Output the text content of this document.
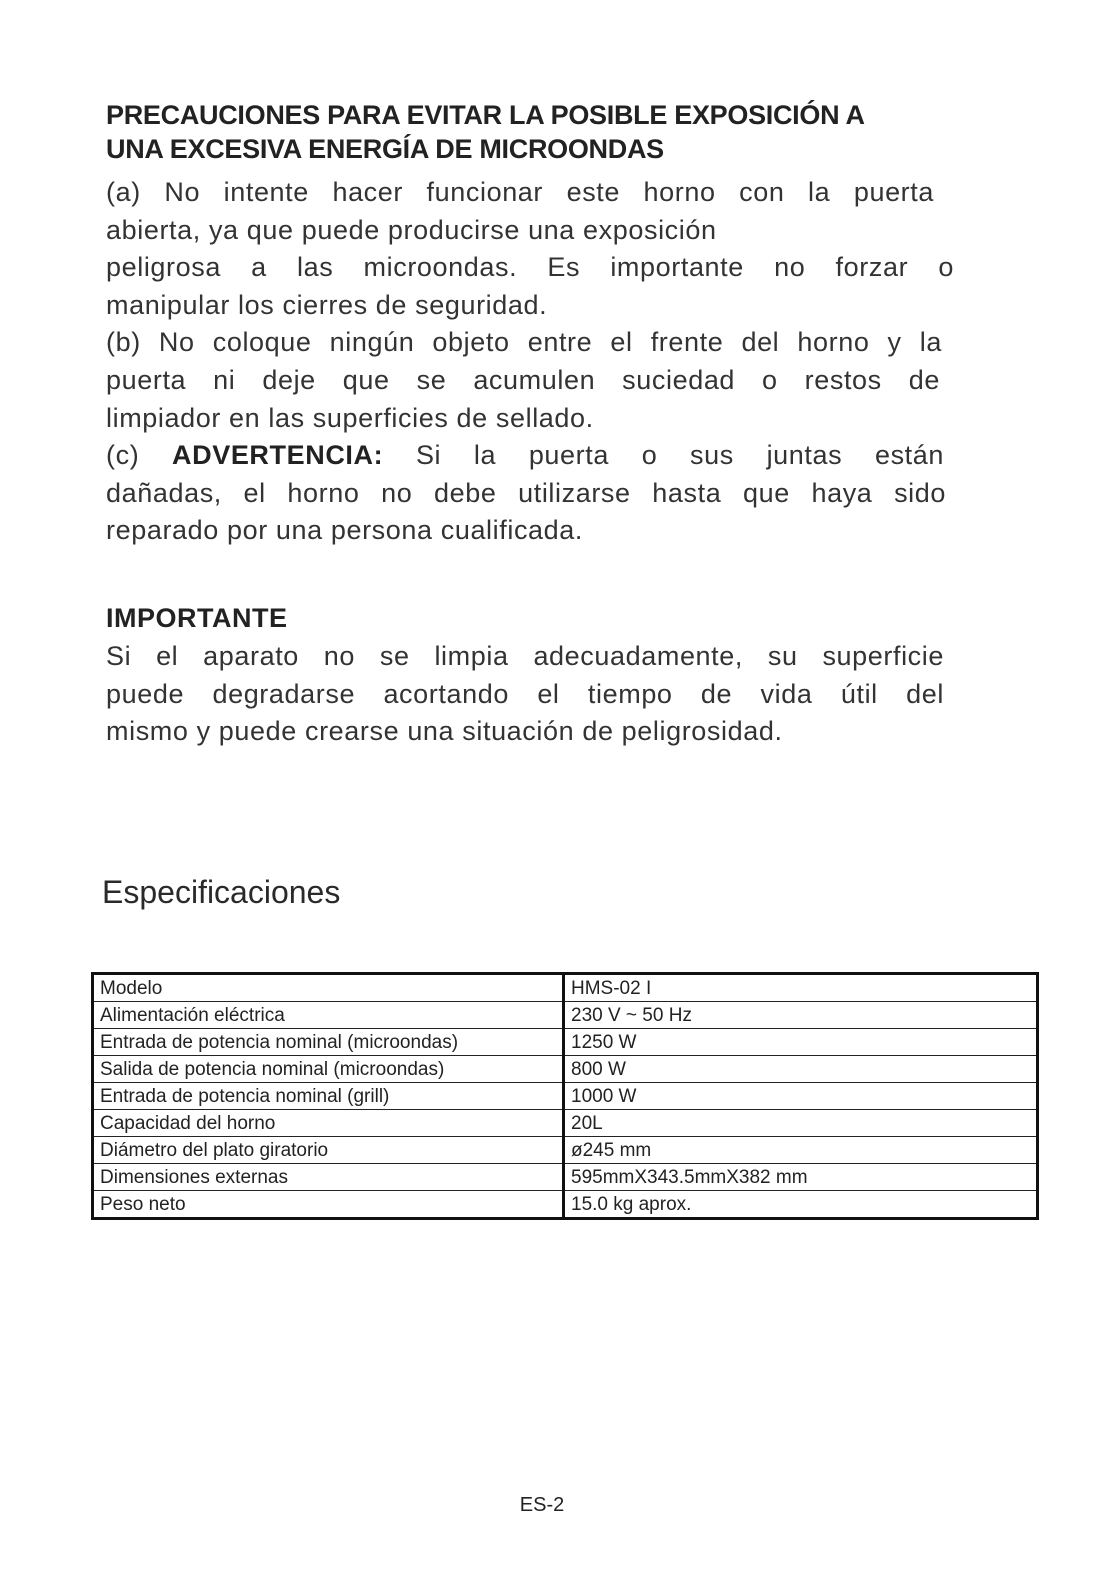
PRECAUCIONES PARA EVITAR LA POSIBLE EXPOSICIÓN A
UNA EXCESIVA ENERGÍA DE MICROONDAS

(a) No intente hacer funcionar este horno con la puerta
abierta, ya que puede producirse una exposición
peligrosa a las microondas. Es importante no forzar o
manipular los cierres de seguridad.

(b) No coloque ningún objeto entre el frente del horno y la
puerta ni deje que se acumulen suciedad o restos de
limpiador en las superficies de sellado.

(c) ADVERTENCIA: Si la puerta o sus juntas están
dañadas, el horno no debe utilizarse hasta que haya sido
reparado por una persona cualificada.

IMPORTANTE

Si el aparato no se limpia adecuadamente, su superficie
puede degradarse acortando el tiempo de vida útil del
mismo y puede crearse una situación de peligrosidad.

Especificaciones
Modelo	HMS-02 I
Alimentación eléctrica	230 V ~ 50 Hz
Entrada de potencia nominal (microondas)	1250 W
Salida de potencia nominal (microondas)	800 W
Entrada de potencia nominal (grill)	1000 W
Capacidad del horno	20L
Diámetro del plato giratorio	ø245 mm
Dimensiones externas	595mmX343.5mmX382 mm
Peso neto	15.0 kg aprox.
ES-2
